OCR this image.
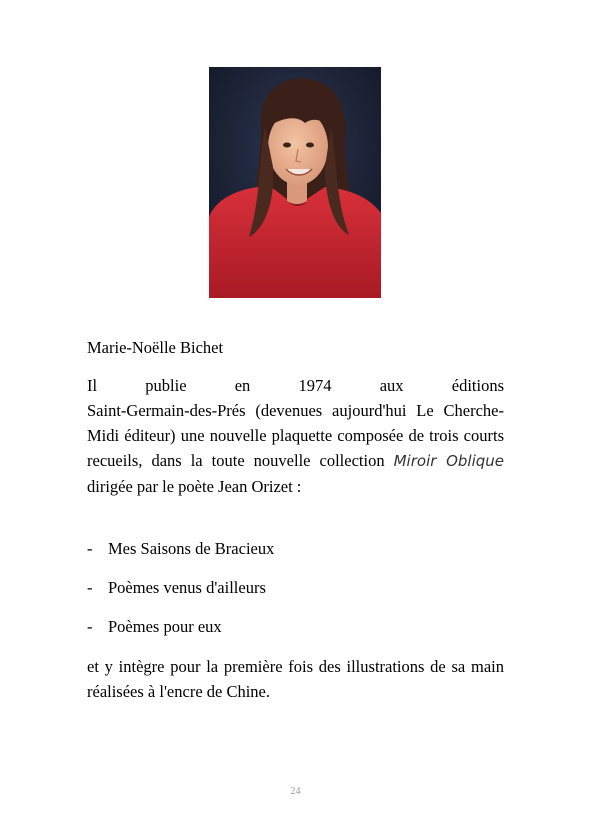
Marie-Noëlle Bichet

Il publie en 1974 aux éditions
Saint-Germain-des-Prés (devenues aujourd'hui Le Cherche-Midi éditeur) une nouvelle plaquette composée de trois courts recueils, dans la toute nouvelle collection Miroir Oblique dirigée par le poète Jean Orizet :

- Mes Saisons de Bracieux
- Poèmes venus d'ailleurs
- Poèmes pour eux

et y intègre pour la première fois des illustrations de sa main réalisées à l'encre de Chine.

24
